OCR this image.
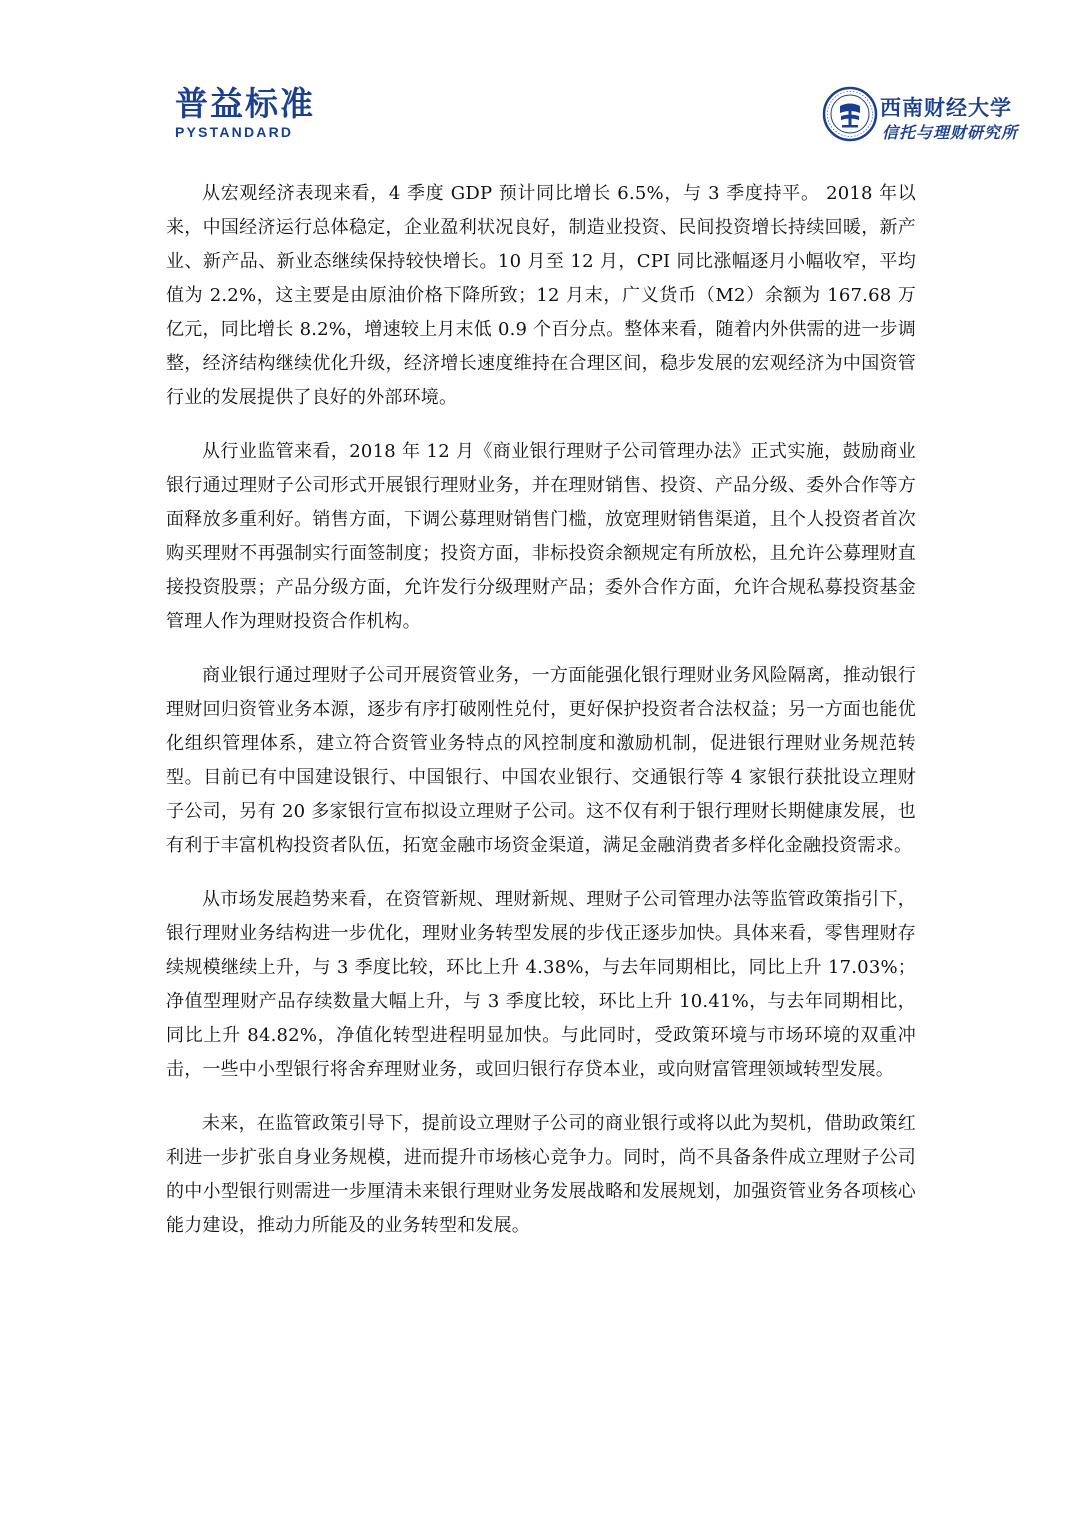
普益标准
PYSTANDARD
西南财经大学
信托与理财研究所

从宏观经济表现来看，4 季度 GDP 预计同比增长 6.5%，与 3 季度持平。 2018 年以来，中国经济运行总体稳定，企业盈利状况良好，制造业投资、民间投资增长持续回暖，新产业、新产品、新业态继续保持较快增长。10 月至 12 月，CPI 同比涨幅逐月小幅收窄，平均值为 2.2%，这主要是由原油价格下降所致；12 月末，广义货币（M2）余额为 167.68 万亿元，同比增长 8.2%，增速较上月末低 0.9 个百分点。整体来看，随着内外供需的进一步调整，经济结构继续优化升级，经济增长速度维持在合理区间，稳步发展的宏观经济为中国资管行业的发展提供了良好的外部环境。

从行业监管来看，2018 年 12 月《商业银行理财子公司管理办法》正式实施，鼓励商业银行通过理财子公司形式开展银行理财业务，并在理财销售、投资、产品分级、委外合作等方面释放多重利好。销售方面，下调公募理财销售门槛，放宽理财销售渠道，且个人投资者首次购买理财不再强制实行面签制度；投资方面，非标投资余额规定有所放松，且允许公募理财直接投资股票；产品分级方面，允许发行分级理财产品；委外合作方面，允许合规私募投资基金管理人作为理财投资合作机构。

商业银行通过理财子公司开展资管业务，一方面能强化银行理财业务风险隔离，推动银行理财回归资管业务本源，逐步有序打破刚性兑付，更好保护投资者合法权益；另一方面也能优化组织管理体系，建立符合资管业务特点的风控制度和激励机制，促进银行理财业务规范转型。目前已有中国建设银行、中国银行、中国农业银行、交通银行等 4 家银行获批设立理财子公司，另有 20 多家银行宣布拟设立理财子公司。这不仅有利于银行理财长期健康发展，也有利于丰富机构投资者队伍，拓宽金融市场资金渠道，满足金融消费者多样化金融投资需求。

从市场发展趋势来看，在资管新规、理财新规、理财子公司管理办法等监管政策指引下，银行理财业务结构进一步优化，理财业务转型发展的步伐正逐步加快。具体来看，零售理财存续规模继续上升，与 3 季度比较，环比上升 4.38%，与去年同期相比，同比上升 17.03%；净值型理财产品存续数量大幅上升，与 3 季度比较，环比上升 10.41%，与去年同期相比，同比上升 84.82%，净值化转型进程明显加快。与此同时，受政策环境与市场环境的双重冲击，一些中小型银行将舍弃理财业务，或回归银行存贷本业，或向财富管理领域转型发展。

未来，在监管政策引导下，提前设立理财子公司的商业银行或将以此为契机，借助政策红利进一步扩张自身业务规模，进而提升市场核心竞争力。同时，尚不具备条件成立理财子公司的中小型银行则需进一步厘清未来银行理财业务发展战略和发展规划，加强资管业务各项核心能力建设，推动力所能及的业务转型和发展。
